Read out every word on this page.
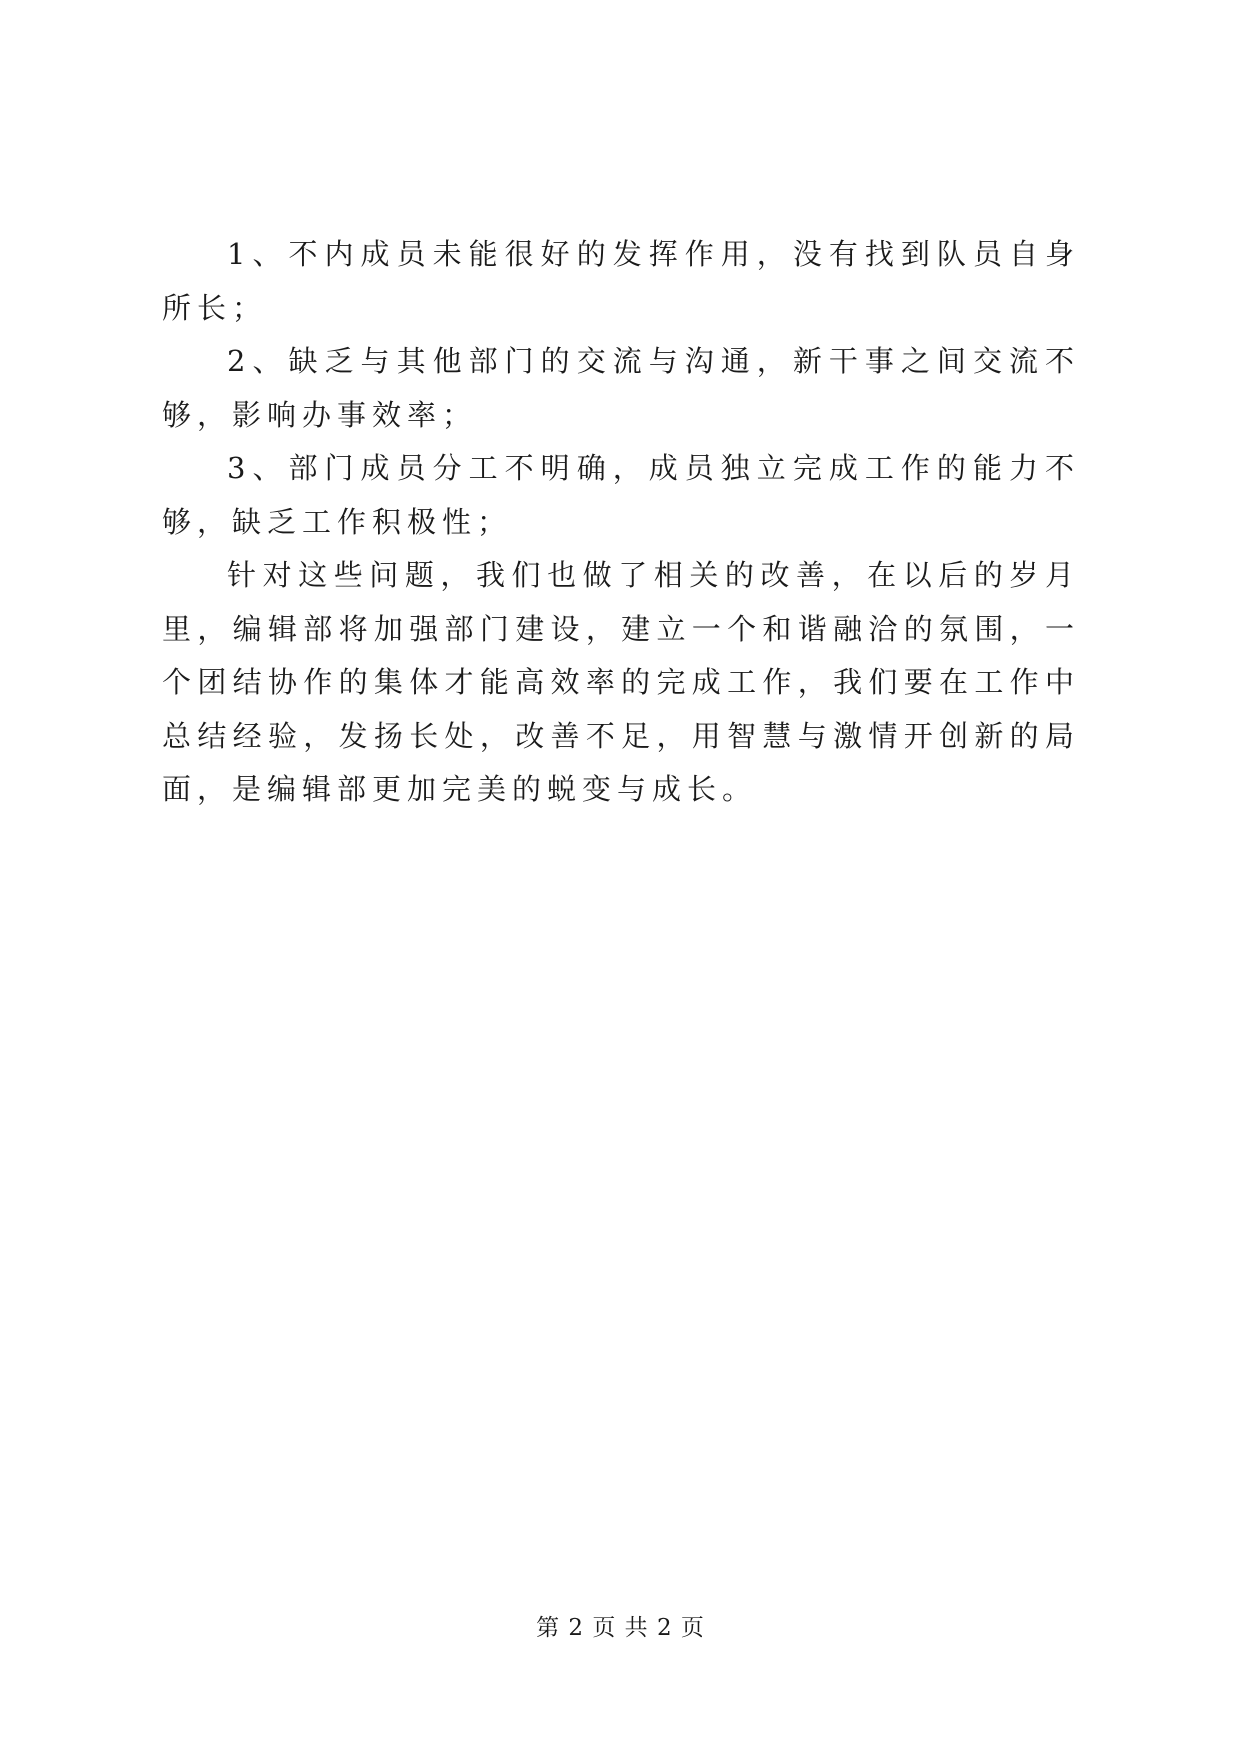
1、不内成员未能很好的发挥作用，没有找到队员自身所长；

2、缺乏与其他部门的交流与沟通，新干事之间交流不够，影响办事效率；

3、部门成员分工不明确，成员独立完成工作的能力不够，缺乏工作积极性；

针对这些问题，我们也做了相关的改善，在以后的岁月里，编辑部将加强部门建设，建立一个和谐融洽的氛围，一个团结协作的集体才能高效率的完成工作，我们要在工作中总结经验，发扬长处，改善不足，用智慧与激情开创新的局面，是编辑部更加完美的蜕变与成长。

第 2 页 共 2 页
